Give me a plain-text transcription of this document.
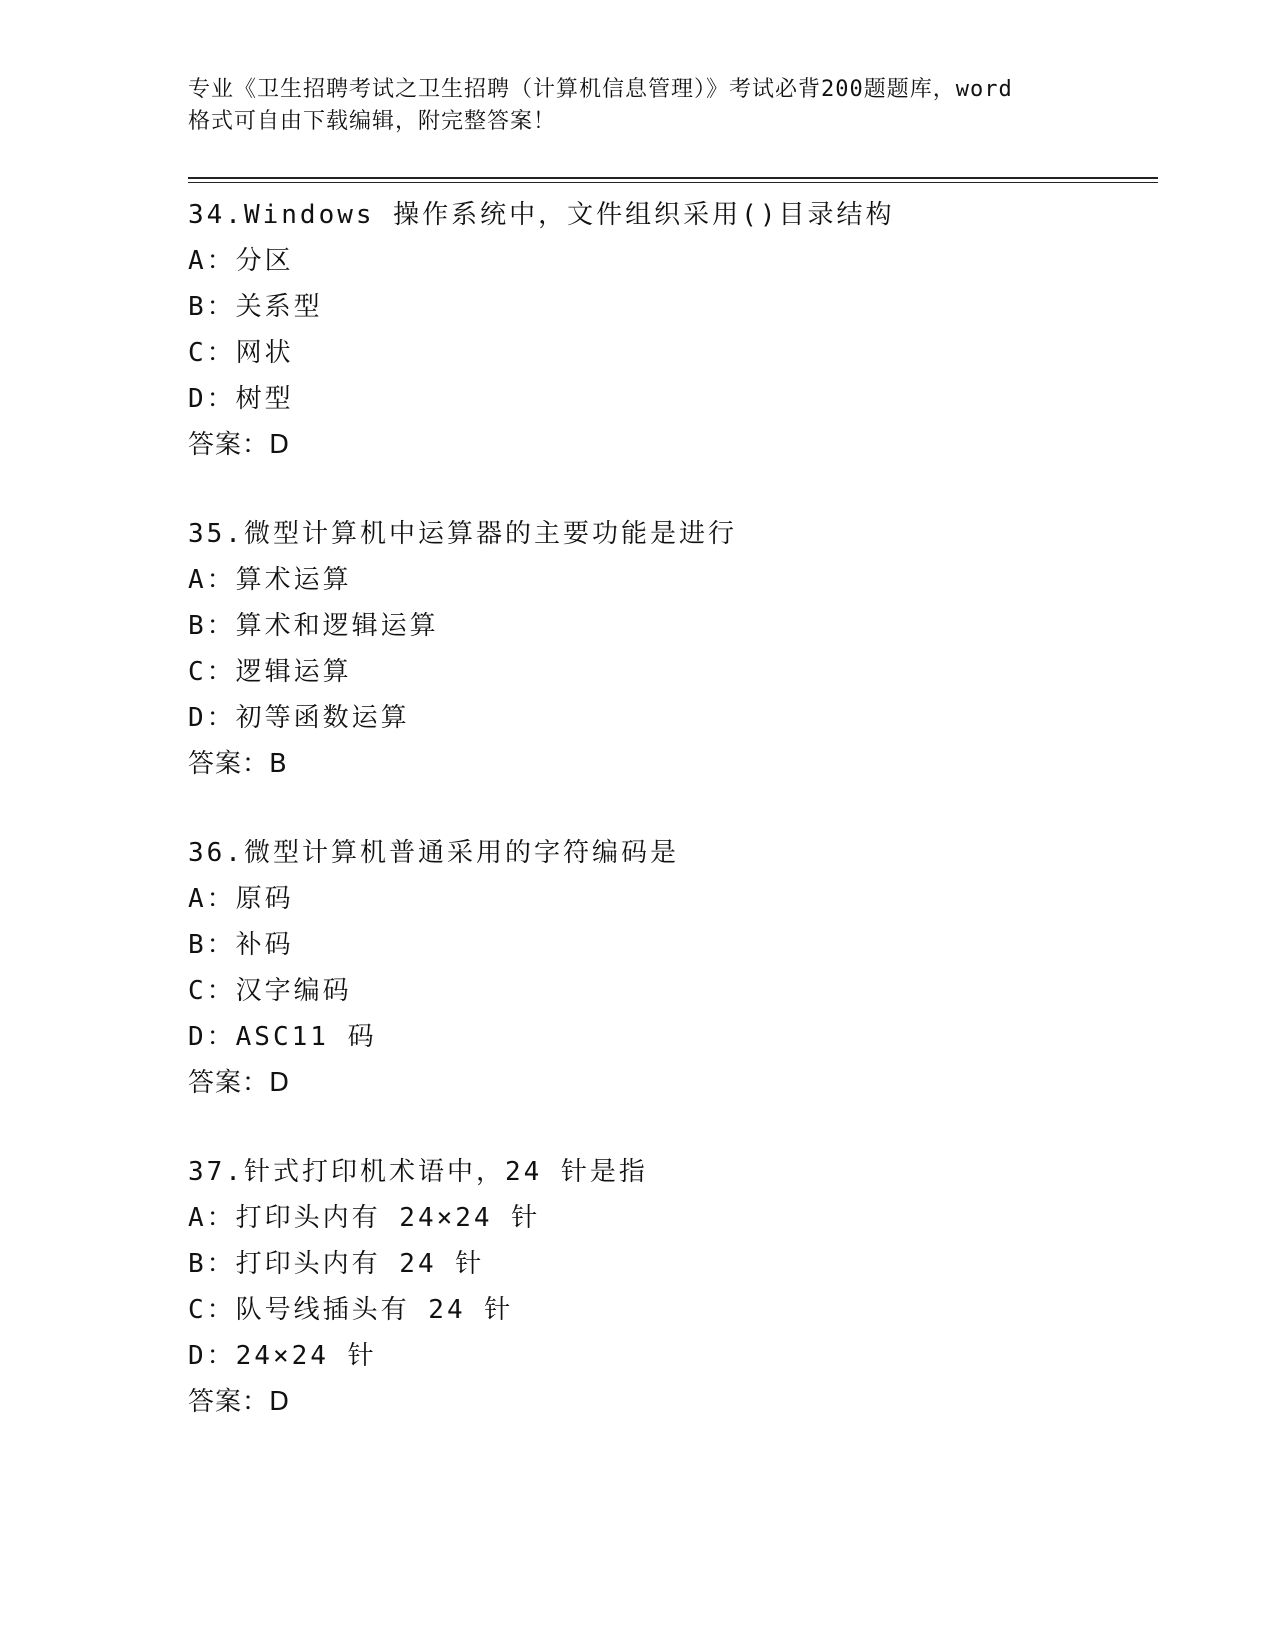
专业《卫生招聘考试之卫生招聘（计算机信息管理）》考试必背200题题库，word
格式可自由下载编辑，附完整答案！
34.Windows 操作系统中，文件组织采用()目录结构
A：分区
B：关系型
C：网状
D：树型
答案：D
35.微型计算机中运算器的主要功能是进行
A：算术运算
B：算术和逻辑运算
C：逻辑运算
D：初等函数运算
答案：B
36.微型计算机普通采用的字符编码是
A：原码
B：补码
C：汉字编码
D：ASC11 码
答案：D
37.针式打印机术语中，24 针是指
A：打印头内有 24×24 针
B：打印头内有 24 针
C：队号线插头有 24 针
D：24×24 针
答案：D
